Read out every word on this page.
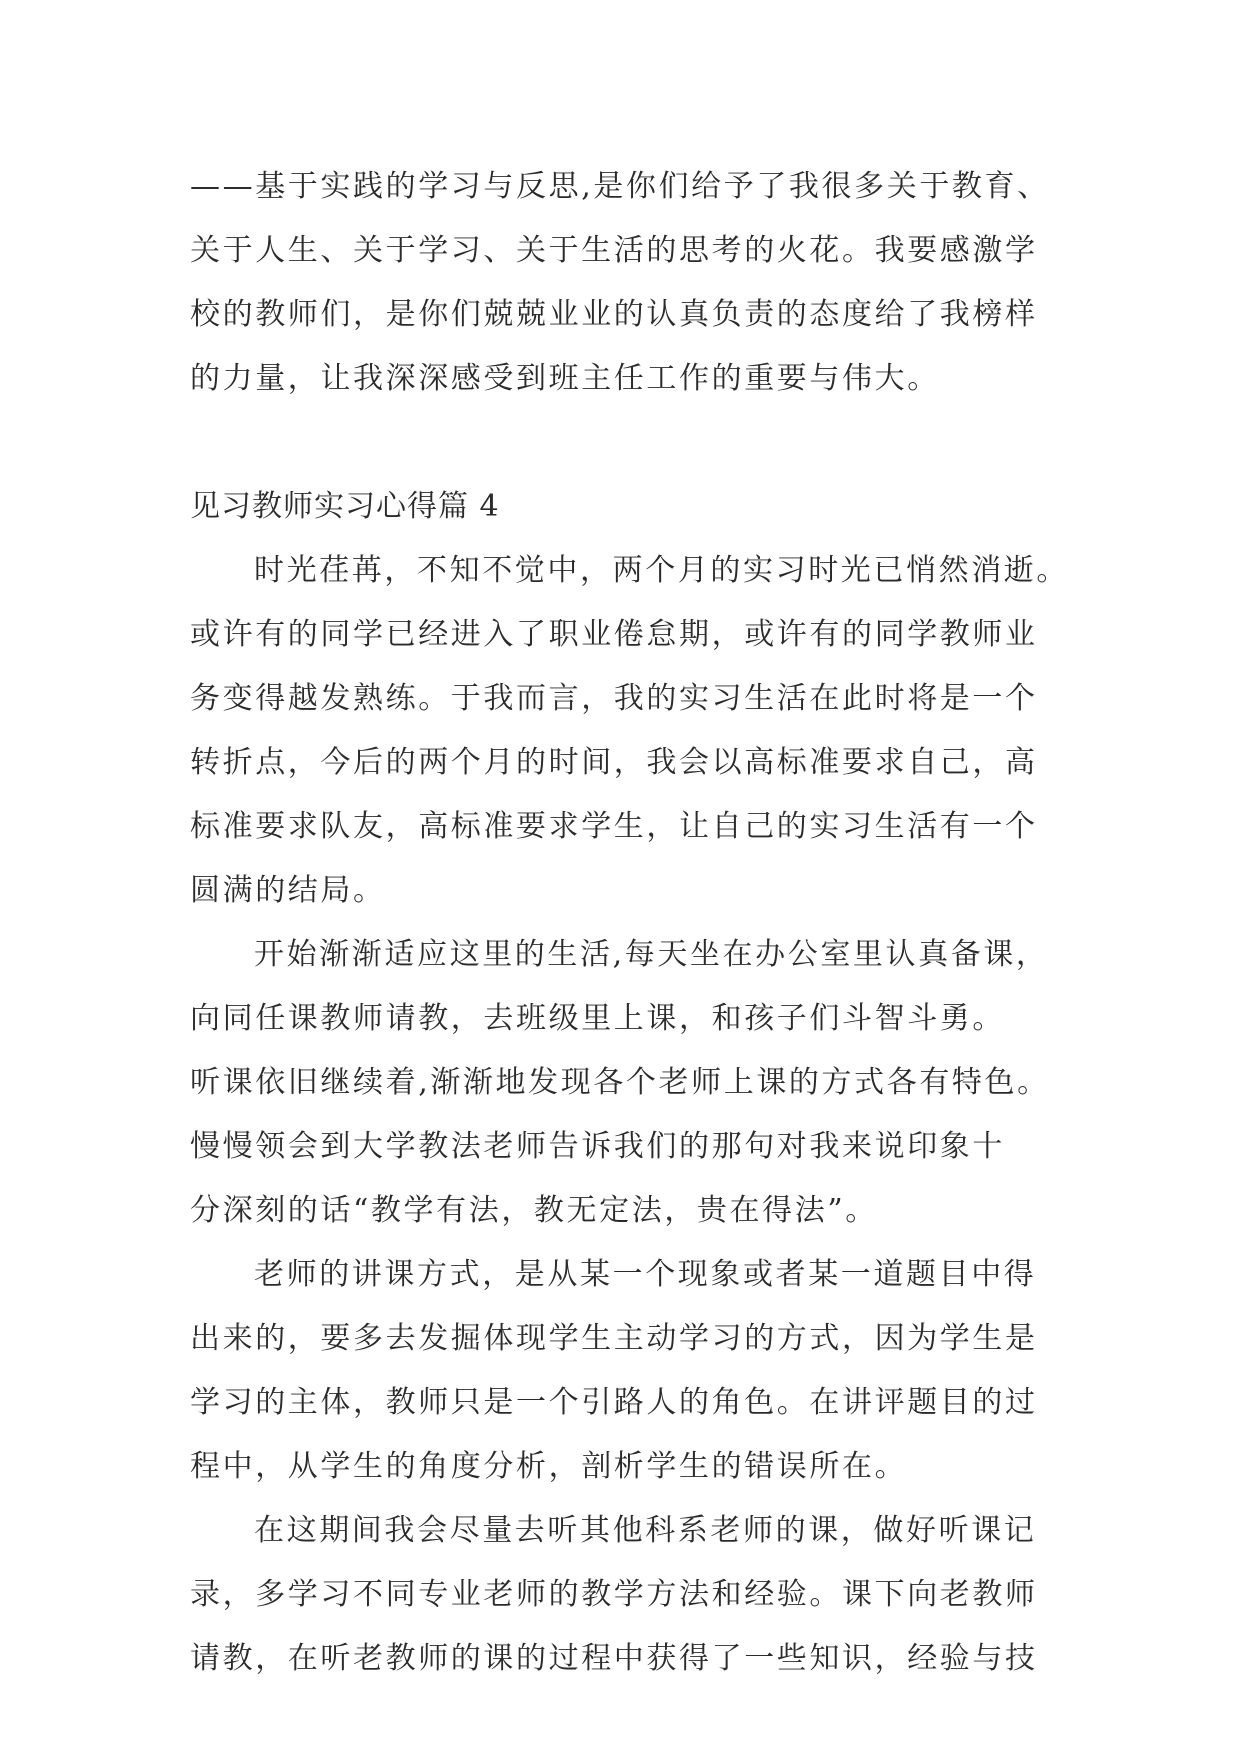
——基于实践的学习与反思,是你们给予了我很多关于教育、
关于人生、关于学习、关于生活的思考的火花。我要感激学
校的教师们，是你们兢兢业业的认真负责的态度给了我榜样
的力量，让我深深感受到班主任工作的重要与伟大。
见习教师实习心得篇 4
时光荏苒，不知不觉中，两个月的实习时光已悄然消逝。
或许有的同学已经进入了职业倦怠期，或许有的同学教师业
务变得越发熟练。于我而言，我的实习生活在此时将是一个
转折点，今后的两个月的时间，我会以高标准要求自己，高
标准要求队友，高标准要求学生，让自己的实习生活有一个
圆满的结局。
开始渐渐适应这里的生活,每天坐在办公室里认真备课，
向同任课教师请教，去班级里上课，和孩子们斗智斗勇。
听课依旧继续着,渐渐地发现各个老师上课的方式各有特色。
慢慢领会到大学教法老师告诉我们的那句对我来说印象十
分深刻的话“教学有法，教无定法，贵在得法”。
老师的讲课方式，是从某一个现象或者某一道题目中得
出来的，要多去发掘体现学生主动学习的方式，因为学生是
学习的主体，教师只是一个引路人的角色。在讲评题目的过
程中，从学生的角度分析，剖析学生的错误所在。
在这期间我会尽量去听其他科系老师的课，做好听课记
录，多学习不同专业老师的教学方法和经验。课下向老教师
请教，在听老教师的课的过程中获得了一些知识，经验与技
